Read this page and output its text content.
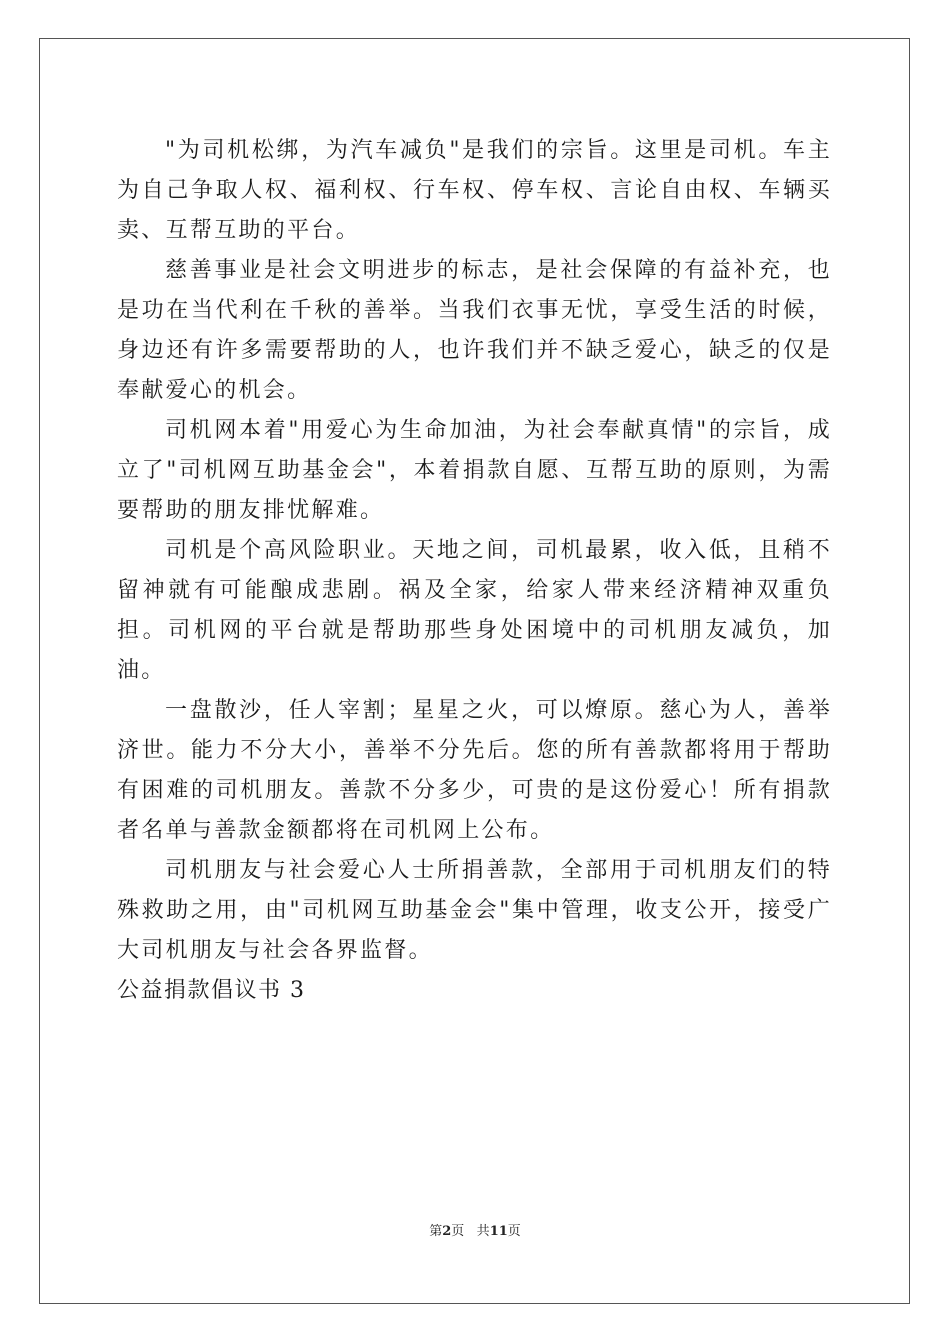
"为司机松绑，为汽车减负"是我们的宗旨。这里是司机。车主为自己争取人权、福利权、行车权、停车权、言论自由权、车辆买卖、互帮互助的平台。

慈善事业是社会文明进步的标志，是社会保障的有益补充，也是功在当代利在千秋的善举。当我们衣事无忧，享受生活的时候，身边还有许多需要帮助的人，也许我们并不缺乏爱心，缺乏的仅是奉献爱心的机会。

司机网本着"用爱心为生命加油，为社会奉献真情"的宗旨，成立了"司机网互助基金会"，本着捐款自愿、互帮互助的原则，为需要帮助的朋友排忧解难。

司机是个高风险职业。天地之间，司机最累，收入低，且稍不留神就有可能酿成悲剧。祸及全家，给家人带来经济精神双重负担。司机网的平台就是帮助那些身处困境中的司机朋友减负，加油。

一盘散沙，任人宰割；星星之火，可以燎原。慈心为人，善举济世。能力不分大小，善举不分先后。您的所有善款都将用于帮助有困难的司机朋友。善款不分多少，可贵的是这份爱心！所有捐款者名单与善款金额都将在司机网上公布。

司机朋友与社会爱心人士所捐善款，全部用于司机朋友们的特殊救助之用，由"司机网互助基金会"集中管理，收支公开，接受广大司机朋友与社会各界监督。

公益捐款倡议书 3

第2页 共11页
